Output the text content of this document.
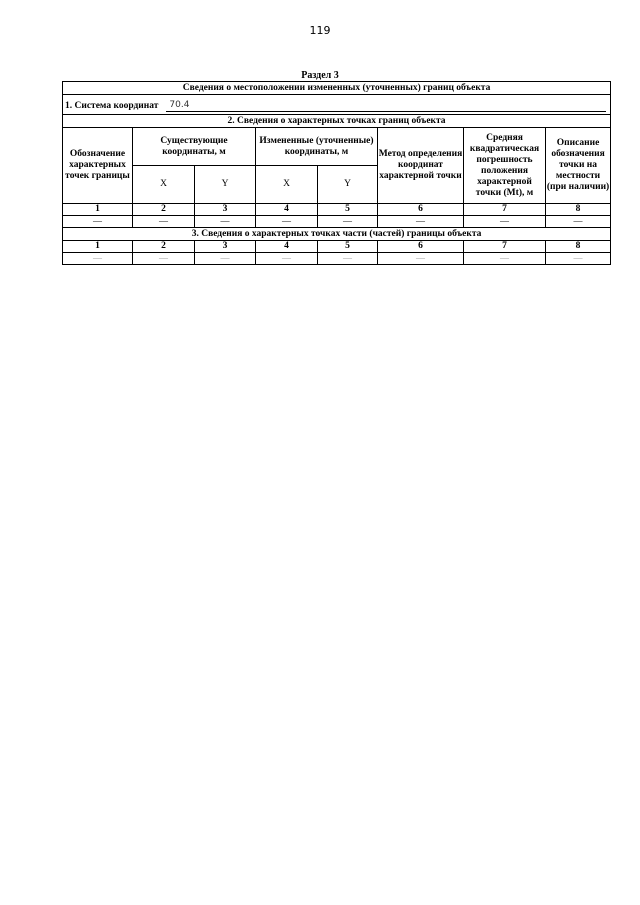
119
Раздел 3
Сведения о местоположении измененных (уточненных) границ объекта							

1. Система координат 70.4							

2. Сведения о характерных точках границ объекта							
Обозначение характерных точек границы	Существующие координаты, м		Измененные (уточненные) координаты, м		Метод определения координат характерной точки	Средняя квадратическая погрешность положения характерной точки (Mt), м	Описание обозначения точки на местности (при наличии)
	X	Y	X	Y			
1	2	3	4	5	6	7	8
—	—	—	—	—	—	—	—
3. Сведения о характерных точках части (частей) границы объекта							
1	2	3	4	5	6	7	8
—	—	—	—	—	—	—	—
